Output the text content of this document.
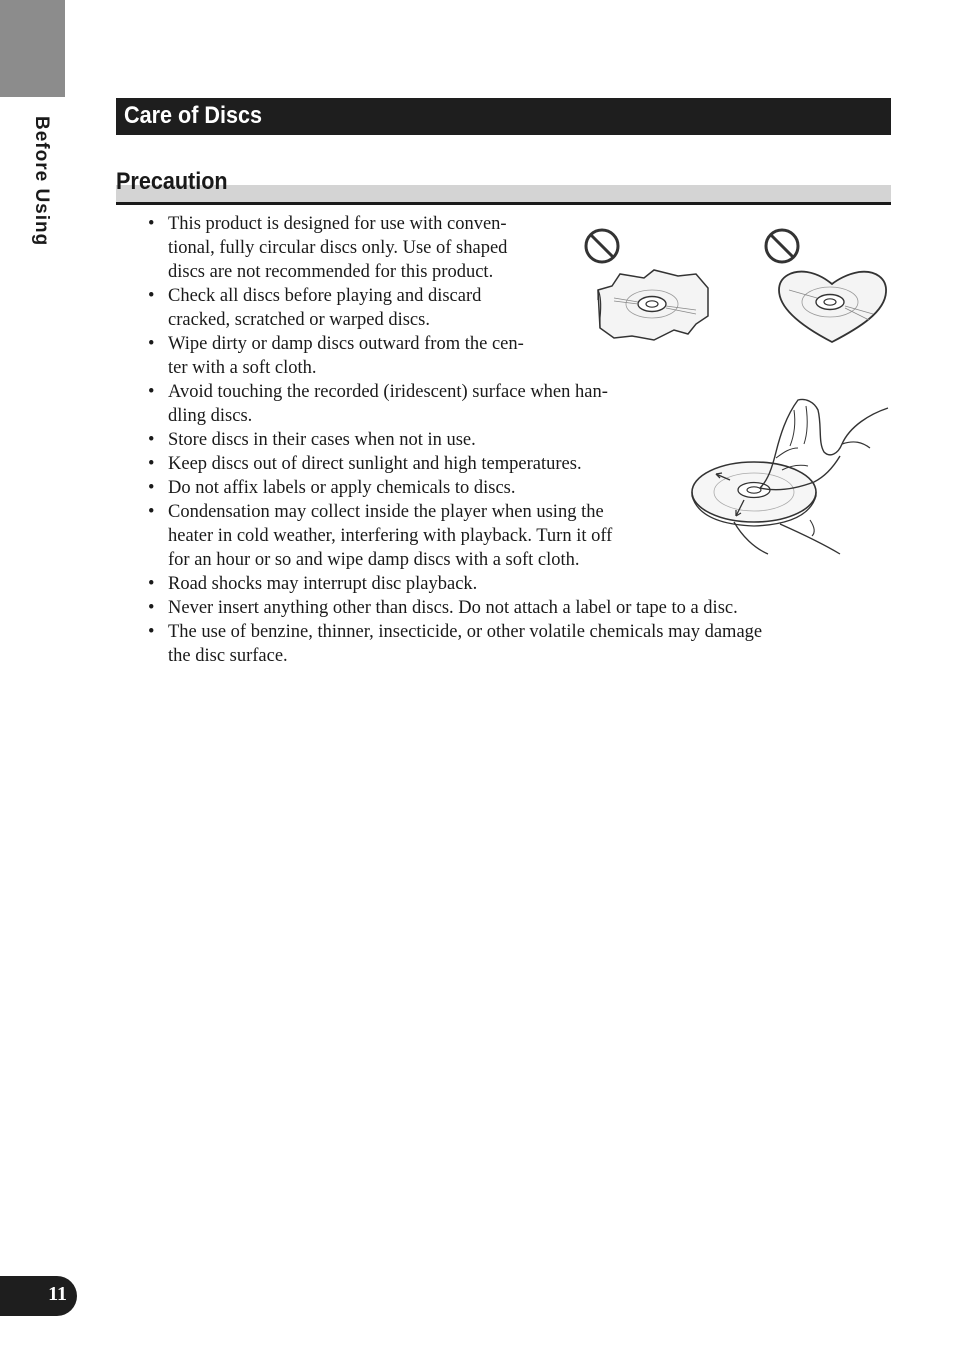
Before Using
Care of Discs
Precaution
• This product is designed for use with conven-
tional, fully circular discs only. Use of shaped
discs are not recommended for this product.
• Check all discs before playing and discard
cracked, scratched or warped discs.
• Wipe dirty or damp discs outward from the cen-
ter with a soft cloth.
• Avoid touching the recorded (iridescent) surface when han-
dling discs.
• Store discs in their cases when not in use.
• Keep discs out of direct sunlight and high temperatures.
• Do not affix labels or apply chemicals to discs.
• Condensation may collect inside the player when using the
heater in cold weather, interfering with playback. Turn it off
for an hour or so and wipe damp discs with a soft cloth.
• Road shocks may interrupt disc playback.
• Never insert anything other than discs. Do not attach a label or tape to a disc.
• The use of benzine, thinner, insecticide, or other volatile chemicals may damage
the disc surface.
11
